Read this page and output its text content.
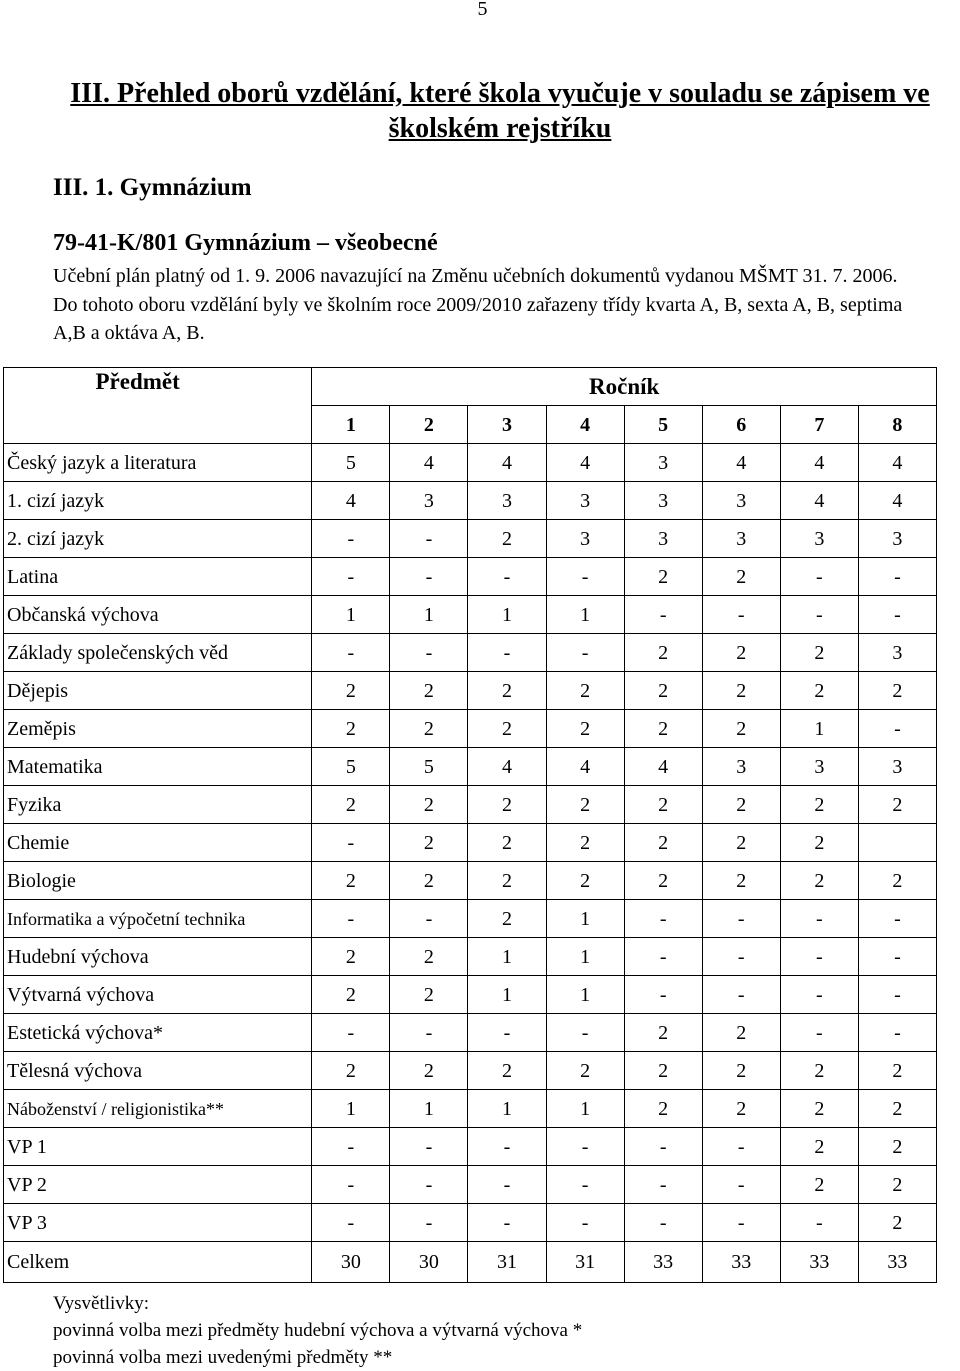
5
III. Přehled oborů vzdělání, které škola vyučuje v souladu se zápisem ve školském rejstříku
III. 1. Gymnázium
79-41-K/801 Gymnázium – všeobecné
Učební plán platný od 1. 9. 2006 navazující na Změnu učebních dokumentů vydanou MŠMT 31. 7. 2006. Do tohoto oboru vzdělání byly ve školním roce 2009/2010 zařazeny třídy kvarta A, B, sexta A, B, septima A,B a oktáva A, B.
Předmět	Ročník							
	1	2	3	4	5	6	7	8
Český jazyk a literatura	5	4	4	4	3	4	4	4
1. cizí jazyk	4	3	3	3	3	3	4	4
2. cizí jazyk	-	-	2	3	3	3	3	3
Latina	-	-	-	-	2	2	-	-
Občanská výchova	1	1	1	1	-	-	-	-
Základy společenských věd	-	-	-	-	2	2	2	3
Dějepis	2	2	2	2	2	2	2	2
Zeměpis	2	2	2	2	2	2	1	-
Matematika	5	5	4	4	4	3	3	3
Fyzika	2	2	2	2	2	2	2	2
Chemie	-	2	2	2	2	2	2	
Biologie	2	2	2	2	2	2	2	2
Informatika a výpočetní technika	-	-	2	1	-	-	-	-
Hudební výchova	2	2	1	1	-	-	-	-
Výtvarná výchova	2	2	1	1	-	-	-	-
Estetická výchova*	-	-	-	-	2	2	-	-
Tělesná výchova	2	2	2	2	2	2	2	2
Náboženství / religionistika**	1	1	1	1	2	2	2	2
VP 1	-	-	-	-	-	-	2	2
VP 2	-	-	-	-	-	-	2	2
VP 3	-	-	-	-	-	-	-	2
Celkem	30	30	31	31	33	33	33	33
Vysvětlivky:
povinná volba mezi předměty hudební výchova a výtvarná výchova *
povinná volba mezi uvedenými předměty **
